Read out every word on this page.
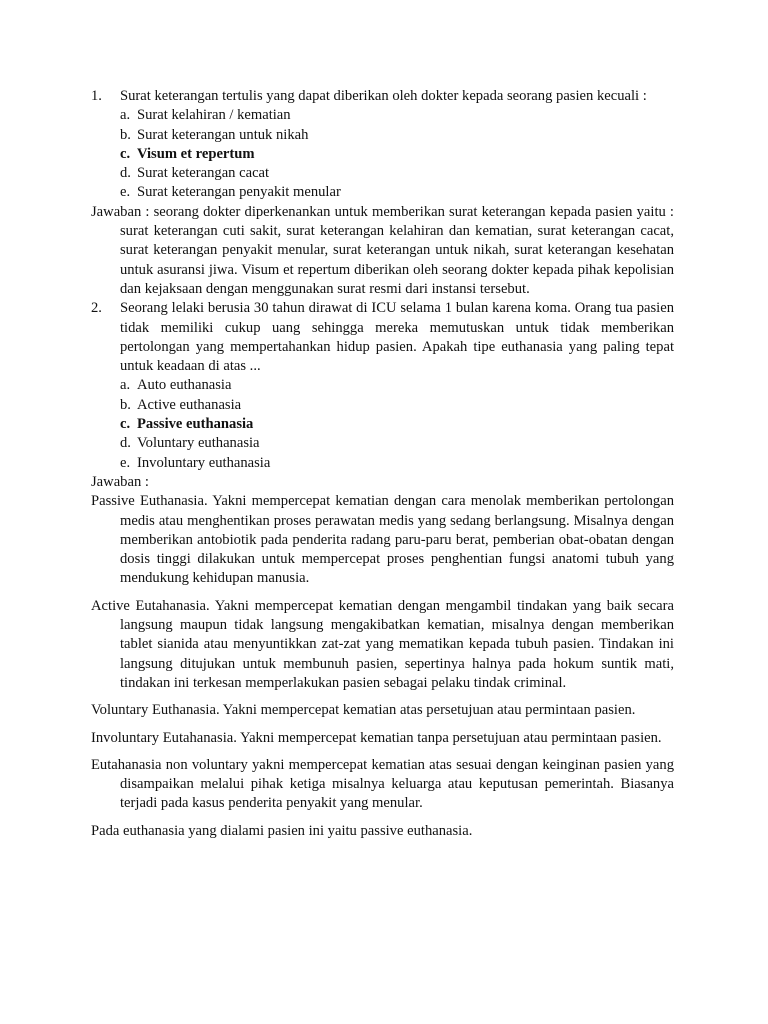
1.	Surat keterangan tertulis yang dapat diberikan oleh dokter kepada seorang pasien kecuali :
a. Surat kelahiran / kematian
b. Surat keterangan untuk nikah
c. Visum et repertum
d. Surat keterangan cacat
e. Surat keterangan penyakit menular
Jawaban : seorang dokter diperkenankan untuk memberikan surat keterangan kepada pasien yaitu : surat keterangan cuti sakit, surat keterangan kelahiran dan kematian, surat keterangan cacat, surat keterangan penyakit menular, surat keterangan untuk nikah, surat keterangan kesehatan untuk asuransi jiwa. Visum et repertum diberikan oleh seorang dokter kepada pihak kepolisian dan kejaksaan dengan menggunakan surat resmi dari instansi tersebut.
2.	Seorang lelaki berusia 30 tahun dirawat di ICU selama 1 bulan karena koma. Orang tua pasien tidak memiliki cukup uang sehingga mereka memutuskan untuk tidak memberikan pertolongan yang mempertahankan hidup pasien. Apakah tipe euthanasia yang paling tepat untuk keadaan di atas ...
a. Auto euthanasia
b. Active euthanasia
c. Passive euthanasia
d. Voluntary euthanasia
e. Involuntary euthanasia

Jawaban :

Passive Euthanasia. Yakni mempercepat kematian dengan cara menolak memberikan pertolongan medis atau menghentikan proses perawatan medis yang sedang berlangsung. Misalnya dengan memberikan antobiotik pada penderita radang paru-paru berat, pemberian obat-obatan dengan dosis tinggi dilakukan untuk mempercepat proses penghentian fungsi anatomi tubuh yang mendukung kehidupan manusia.
Active Eutahanasia. Yakni mempercepat kematian dengan mengambil tindakan yang baik secara langsung maupun tidak langsung mengakibatkan kematian, misalnya dengan memberikan tablet sianida atau menyuntikkan zat-zat yang mematikan kepada tubuh pasien. Tindakan ini langsung ditujukan untuk membunuh pasien, sepertinya halnya pada hokum suntik mati, tindakan ini terkesan memperlakukan pasien sebagai pelaku tindak criminal.
Voluntary Euthanasia. Yakni mempercepat kematian atas persetujuan atau permintaan pasien.
Involuntary Eutahanasia. Yakni mempercepat kematian tanpa persetujuan atau permintaan pasien.
Eutahanasia non voluntary yakni mempercepat kematian atas sesuai dengan keinginan pasien yang disampaikan melalui pihak ketiga misalnya keluarga atau keputusan pemerintah. Biasanya terjadi pada kasus penderita penyakit yang menular.
Pada euthanasia yang dialami pasien ini yaitu passive euthanasia.
